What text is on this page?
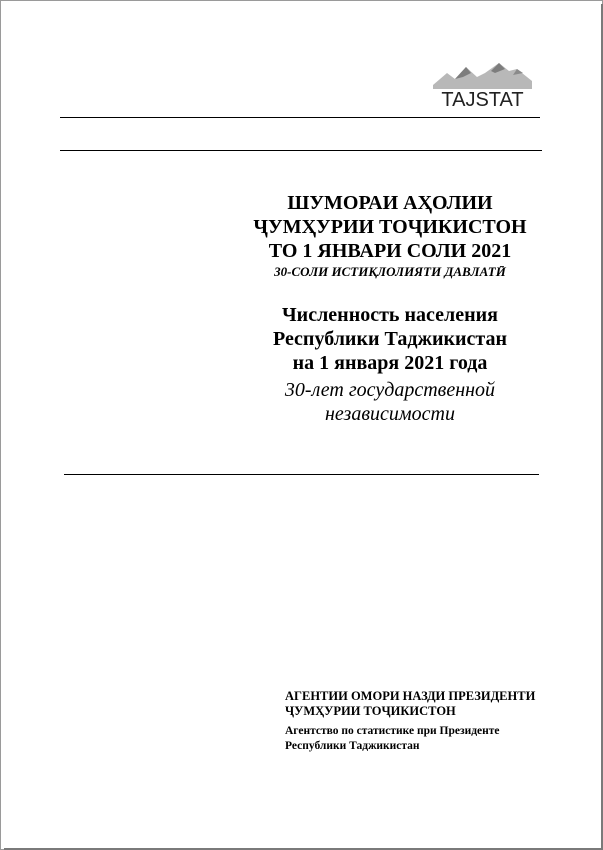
TAJSTAT
ШУМОРАИ АҲОЛИИ
ҶУМҲУРИИ ТОҶИКИСТОН
ТО 1 ЯНВАРИ СОЛИ 2021
30-СОЛИ ИСТИҚЛОЛИЯТИ ДАВЛАТӢ
Численность населения
Республики Таджикистан
на 1 января 2021 года
30-лет государственной
независимости
АГЕНТИИ ОМОРИ НАЗДИ ПРЕЗИДЕНТИ
ҶУМҲУРИИ ТОҶИКИСТОН
Агентство по статистике при Президенте
Республики Таджикистан
